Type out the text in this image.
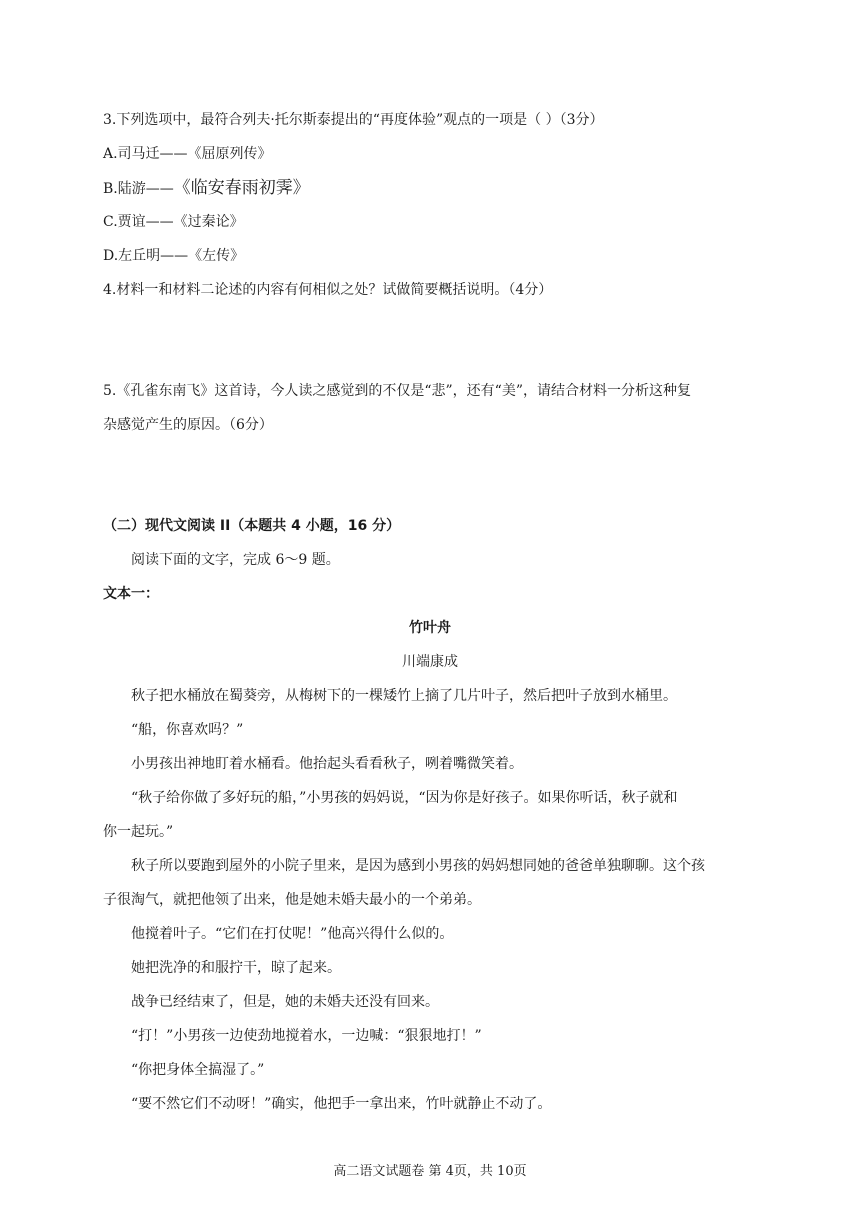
3.下列选项中，最符合列夫·托尔斯泰提出的“再度体验”观点的一项是（ ）（3分）
A.司马迁——《屈原列传》
B.陆游——《临安春雨初霁》
C.贾谊——《过秦论》
D.左丘明——《左传》
4.材料一和材料二论述的内容有何相似之处？试做简要概括说明。（4分）
5.《孔雀东南飞》这首诗，今人读之感觉到的不仅是“悲”，还有“美”，请结合材料一分析这种复
杂感觉产生的原因。（6分）
（二）现代文阅读 II（本题共 4 小题，16 分）
阅读下面的文字，完成 6～9 题。
文本一：
竹叶舟
川端康成
秋子把水桶放在蜀葵旁，从梅树下的一棵矮竹上摘了几片叶子，然后把叶子放到水桶里。
“船，你喜欢吗？”
小男孩出神地盯着水桶看。他抬起头看看秋子，咧着嘴微笑着。
“秋子给你做了多好玩的船，”小男孩的妈妈说，“因为你是好孩子。如果你听话，秋子就和
你一起玩。”
秋子所以要跑到屋外的小院子里来，是因为感到小男孩的妈妈想同她的爸爸单独聊聊。这个孩
子很淘气，就把他领了出来，他是她未婚夫最小的一个弟弟。
他搅着叶子。“它们在打仗呢！”他高兴得什么似的。
她把洗净的和服拧干，晾了起来。
战争已经结束了，但是，她的未婚夫还没有回来。
“打！”小男孩一边使劲地搅着水，一边喊：“狠狠地打！”
“你把身体全搞湿了。”
“要不然它们不动呀！”确实，他把手一拿出来，竹叶就静止不动了。
高二语文试题卷 第 4页，共 10页
